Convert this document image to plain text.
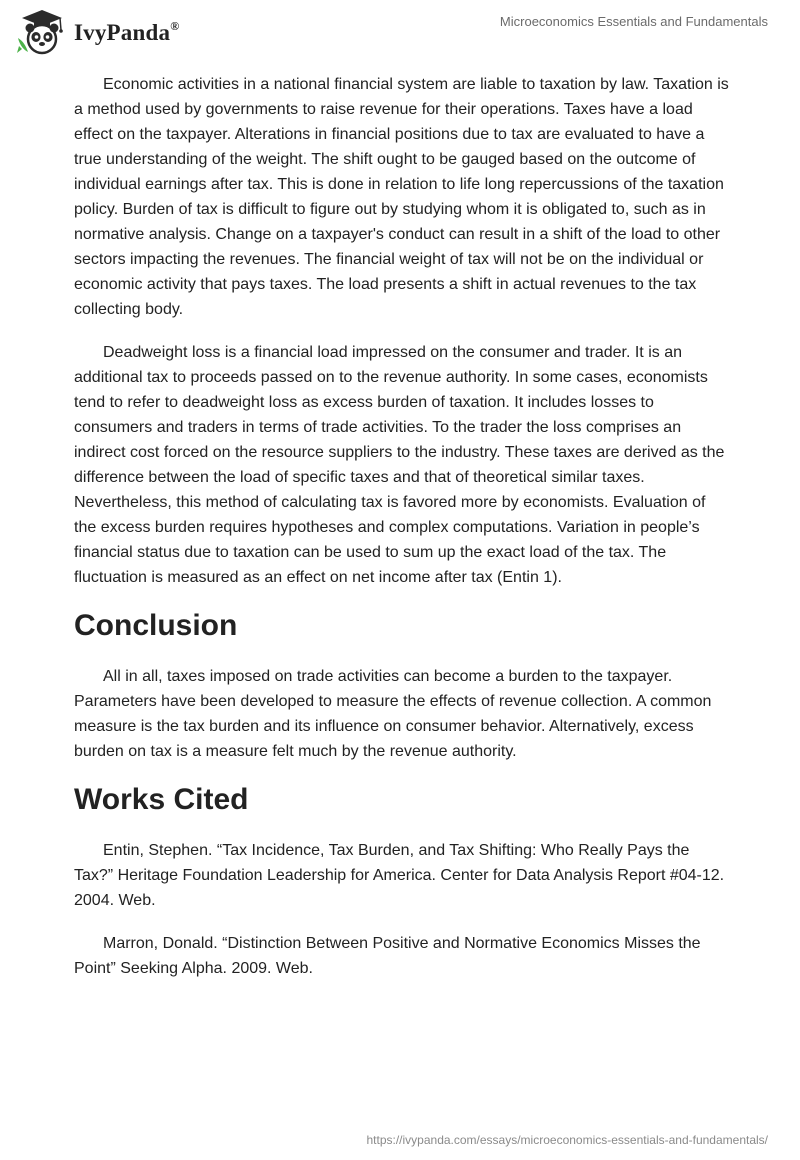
IvyPanda®	Microeconomics Essentials and Fundamentals

Economic activities in a national financial system are liable to taxation by law. Taxation is a method used by governments to raise revenue for their operations. Taxes have a load effect on the taxpayer. Alterations in financial positions due to tax are evaluated to have a true understanding of the weight. The shift ought to be gauged based on the outcome of individual earnings after tax. This is done in relation to life long repercussions of the taxation policy. Burden of tax is difficult to figure out by studying whom it is obligated to, such as in normative analysis. Change on a taxpayer's conduct can result in a shift of the load to other sectors impacting the revenues. The financial weight of tax will not be on the individual or economic activity that pays taxes. The load presents a shift in actual revenues to the tax collecting body.

Deadweight loss is a financial load impressed on the consumer and trader. It is an additional tax to proceeds passed on to the revenue authority. In some cases, economists tend to refer to deadweight loss as excess burden of taxation. It includes losses to consumers and traders in terms of trade activities. To the trader the loss comprises an indirect cost forced on the resource suppliers to the industry. These taxes are derived as the difference between the load of specific taxes and that of theoretical similar taxes. Nevertheless, this method of calculating tax is favored more by economists. Evaluation of the excess burden requires hypotheses and complex computations. Variation in people’s financial status due to taxation can be used to sum up the exact load of the tax. The fluctuation is measured as an effect on net income after tax (Entin 1).

Conclusion

All in all, taxes imposed on trade activities can become a burden to the taxpayer. Parameters have been developed to measure the effects of revenue collection. A common measure is the tax burden and its influence on consumer behavior. Alternatively, excess burden on tax is a measure felt much by the revenue authority.

Works Cited

Entin, Stephen. “Tax Incidence, Tax Burden, and Tax Shifting: Who Really Pays the Tax?” Heritage Foundation Leadership for America. Center for Data Analysis Report #04-12. 2004. Web.

Marron, Donald. “Distinction Between Positive and Normative Economics Misses the Point” Seeking Alpha. 2009. Web.

https://ivypanda.com/essays/microeconomics-essentials-and-fundamentals/
